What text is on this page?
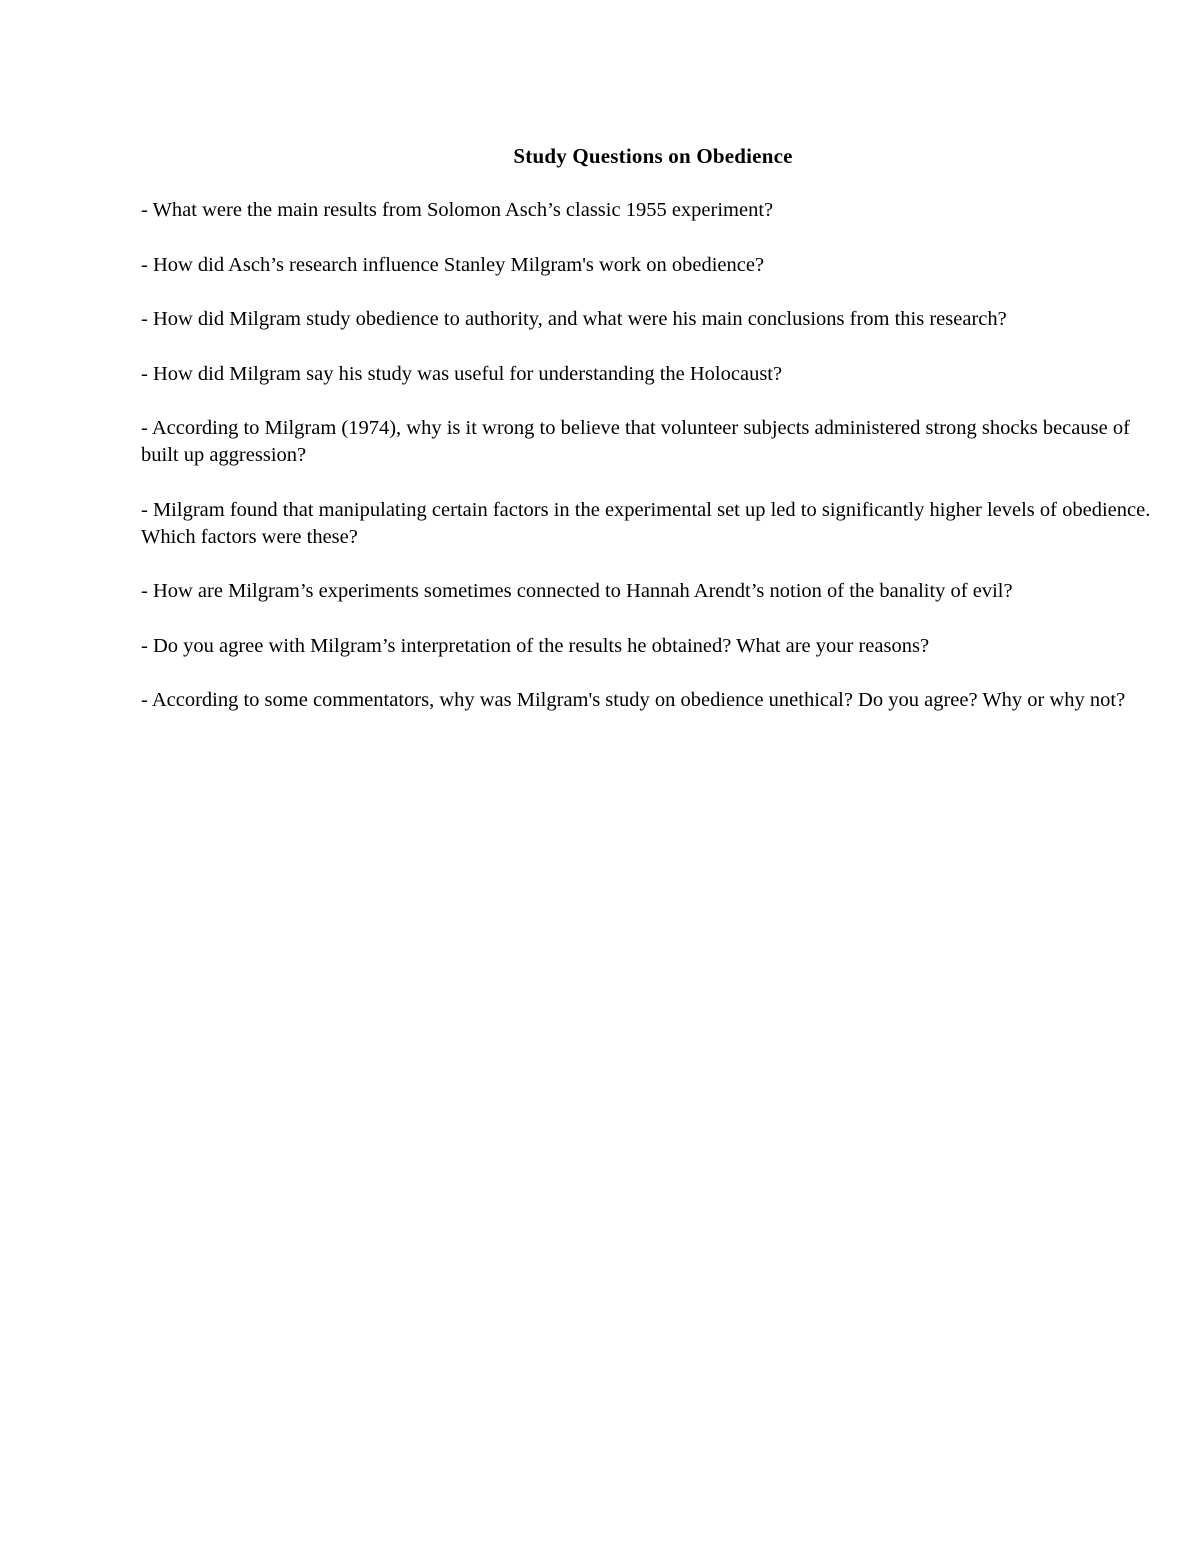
Study Questions on Obedience
- What were the main results from Solomon Asch’s classic 1955 experiment?
- How did Asch’s research influence Stanley Milgram's work on obedience?
- How did Milgram study obedience to authority, and what were his main conclusions from this research?
- How did Milgram say his study was useful for understanding the Holocaust?
- According to Milgram (1974), why is it wrong to believe that volunteer subjects administered strong shocks because of built up aggression?
- Milgram found that manipulating certain factors in the experimental set up led to significantly higher levels of obedience. Which factors were these?
- How are Milgram’s experiments sometimes connected to Hannah Arendt’s notion of the banality of evil?
- Do you agree with Milgram’s interpretation of the results he obtained? What are your reasons?
- According to some commentators, why was Milgram's study on obedience unethical? Do you agree? Why or why not?
